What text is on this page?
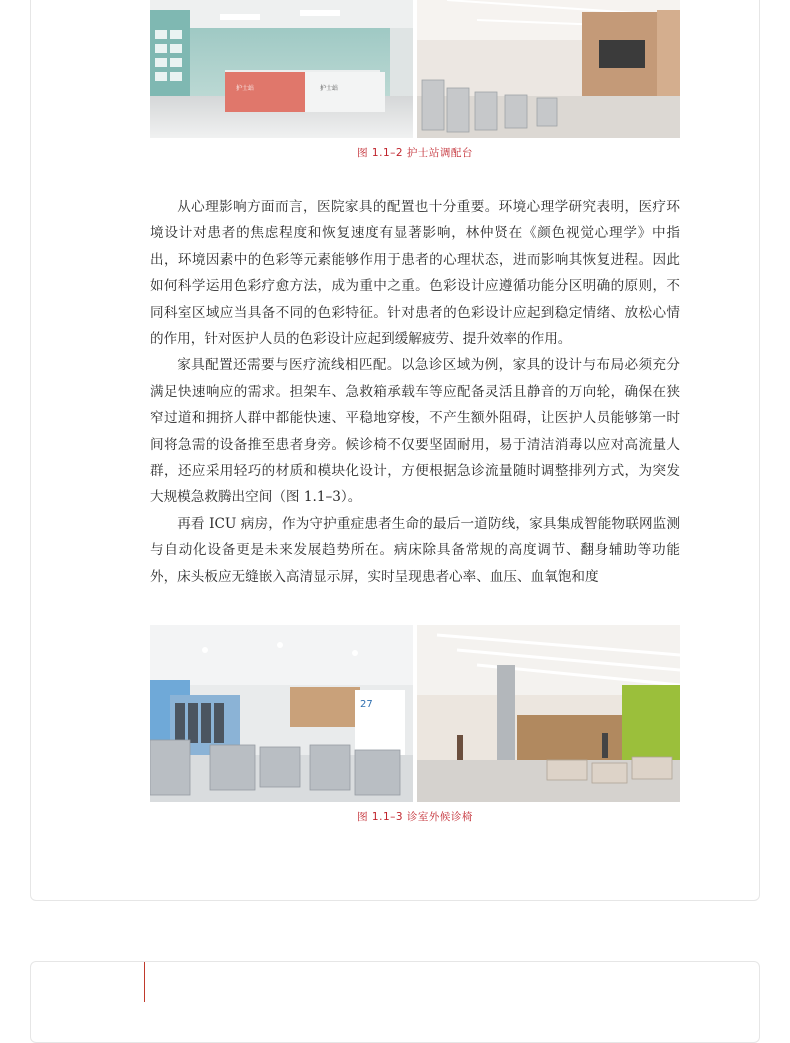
护士站	护士站
图 1.1–2 护士站调配台

从心理影响方面而言，医院家具的配置也十分重要。环境心理学研究表明，医疗环境设计对患者的焦虑程度和恢复速度有显著影响，林仲贤在《颜色视觉心理学》中指出，环境因素中的色彩等元素能够作用于患者的心理状态，进而影响其恢复进程。因此如何科学运用色彩疗愈方法，成为重中之重。色彩设计应遵循功能分区明确的原则，不同科室区域应当具备不同的色彩特征。针对患者的色彩设计应起到稳定情绪、放松心情的作用，针对医护人员的色彩设计应起到缓解疲劳、提升效率的作用。

家具配置还需要与医疗流线相匹配。以急诊区域为例，家具的设计与布局必须充分满足快速响应的需求。担架车、急救箱承载车等应配备灵活且静音的万向轮，确保在狭窄过道和拥挤人群中都能快速、平稳地穿梭，不产生额外阻碍，让医护人员能够第一时间将急需的设备推至患者身旁。候诊椅不仅要坚固耐用，易于清洁消毒以应对高流量人群，还应采用轻巧的材质和模块化设计，方便根据急诊流量随时调整排列方式，为突发大规模急救腾出空间（图 1.1–3）。

再看 ICU 病房，作为守护重症患者生命的最后一道防线，家具集成智能物联网监测与自动化设备更是未来发展趋势所在。病床除具备常规的高度调节、翻身辅助等功能外，床头板应无缝嵌入高清显示屏，实时呈现患者心率、血压、血氧饱和度

27
图 1.1–3 诊室外候诊椅
